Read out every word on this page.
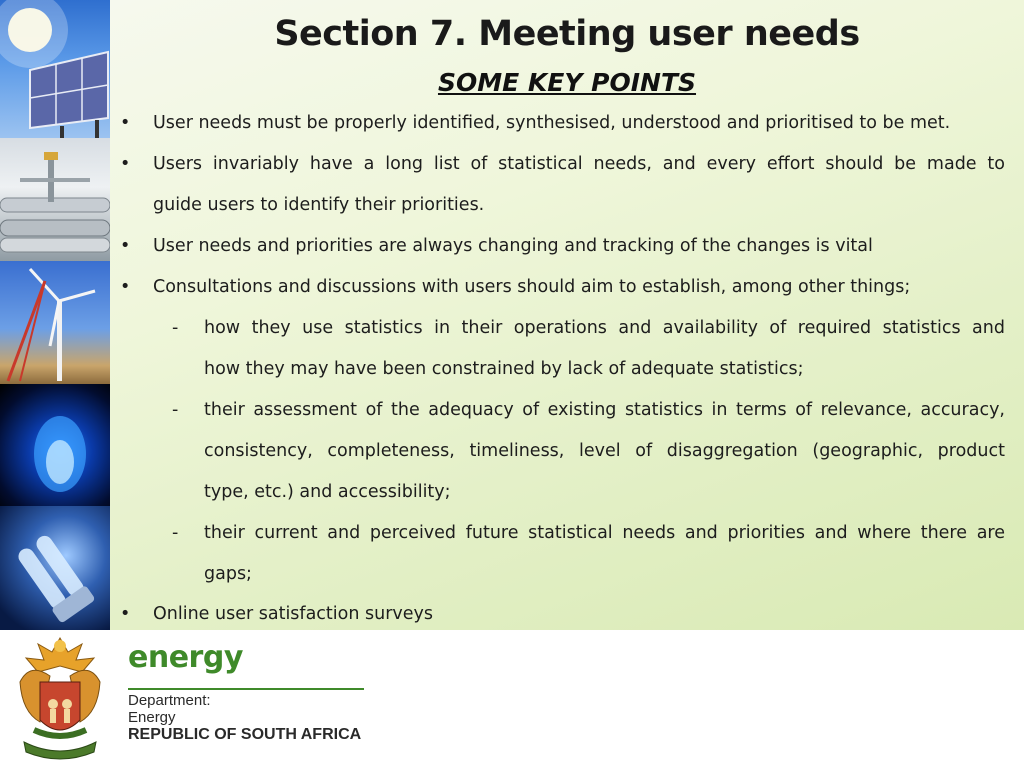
Section 7. Meeting user needs
SOME KEY POINTS
• User needs must be properly identified, synthesised, understood and prioritised to be met.
• Users invariably have a long list of statistical needs, and every effort should be made to
guide users to identify their priorities.
• User needs and priorities are always changing and tracking of the changes is vital
• Consultations and discussions with users should aim to establish, among other things;
- how they use statistics in their operations and availability of required statistics and
how they may have been constrained by lack of adequate statistics;
- their assessment of the adequacy of existing statistics in terms of relevance, accuracy,
consistency, completeness, timeliness, level of disaggregation (geographic, product
type, etc.) and accessibility;
- their current and perceived future statistical needs and priorities and where there are
gaps;
• Online user satisfaction surveys
energy
Department:
Energy
REPUBLIC OF SOUTH AFRICA
